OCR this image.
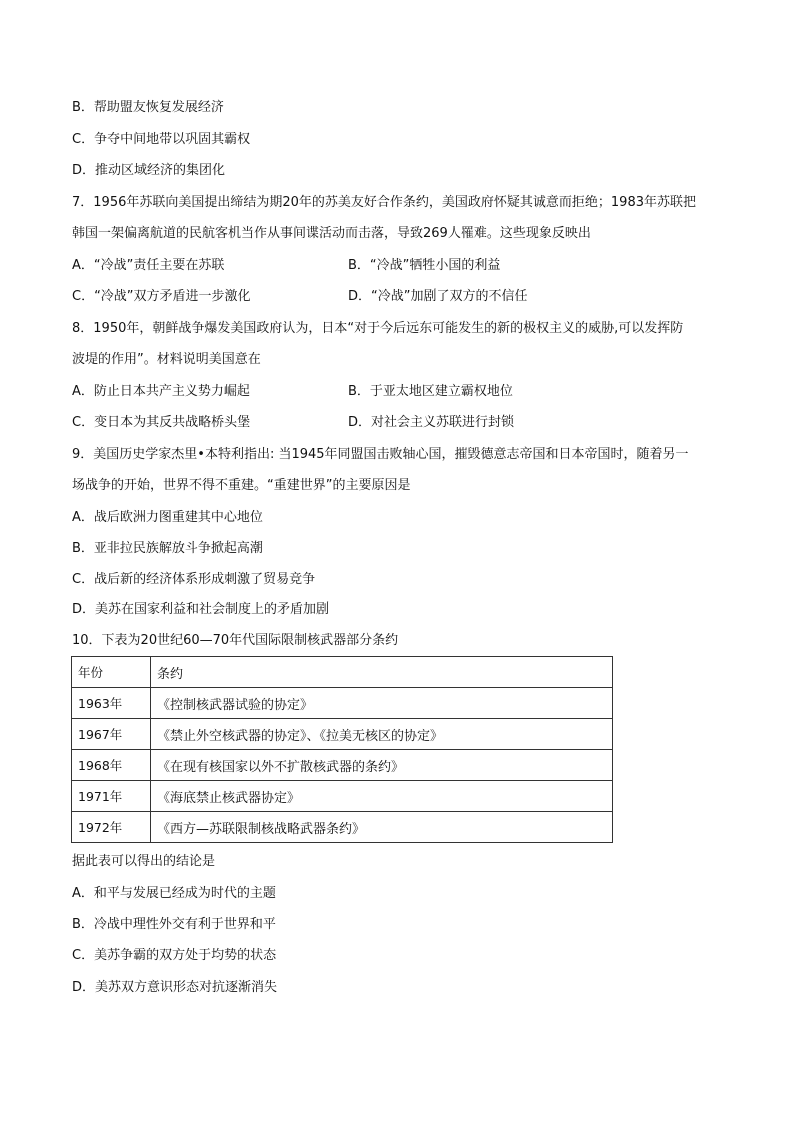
B．帮助盟友恢复发展经济
C．争夺中间地带以巩固其霸权
D．推动区域经济的集团化
7．1956年苏联向美国提出缔结为期20年的苏美友好合作条约，美国政府怀疑其诚意而拒绝；1983年苏联把
韩国一架偏离航道的民航客机当作从事间谍活动而击落，导致269人罹难。这些现象反映出
A．“冷战”责任主要在苏联	B．“冷战”牺牲小国的利益
C．“冷战”双方矛盾进一步激化	D．“冷战”加剧了双方的不信任
8．1950年，朝鲜战争爆发美国政府认为，日本“对于今后远东可能发生的新的极权主义的威胁,可以发挥防
波堤的作用”。材料说明美国意在
A．防止日本共产主义势力崛起	B．于亚太地区建立霸权地位
C．变日本为其反共战略桥头堡	D．对社会主义苏联进行封锁
9．美国历史学家杰里•本特利指出: 当1945年同盟国击败轴心国，摧毁德意志帝国和日本帝国时，随着另一
场战争的开始，世界不得不重建。“重建世界”的主要原因是
A．战后欧洲力图重建其中心地位
B．亚非拉民族解放斗争掀起高潮
C．战后新的经济体系形成刺激了贸易竞争
D．美苏在国家利益和社会制度上的矛盾加剧
10．下表为20世纪60—70年代国际限制核武器部分条约
年份	条约
1963年	《控制核武器试验的协定》
1967年	《禁止外空核武器的协定》、《拉美无核区的协定》
1968年	《在现有核国家以外不扩散核武器的条约》
1971年	《海底禁止核武器协定》
1972年	《西方—苏联限制核战略武器条约》
据此表可以得出的结论是
A．和平与发展已经成为时代的主题
B．冷战中理性外交有利于世界和平
C．美苏争霸的双方处于均势的状态
D．美苏双方意识形态对抗逐渐消失
